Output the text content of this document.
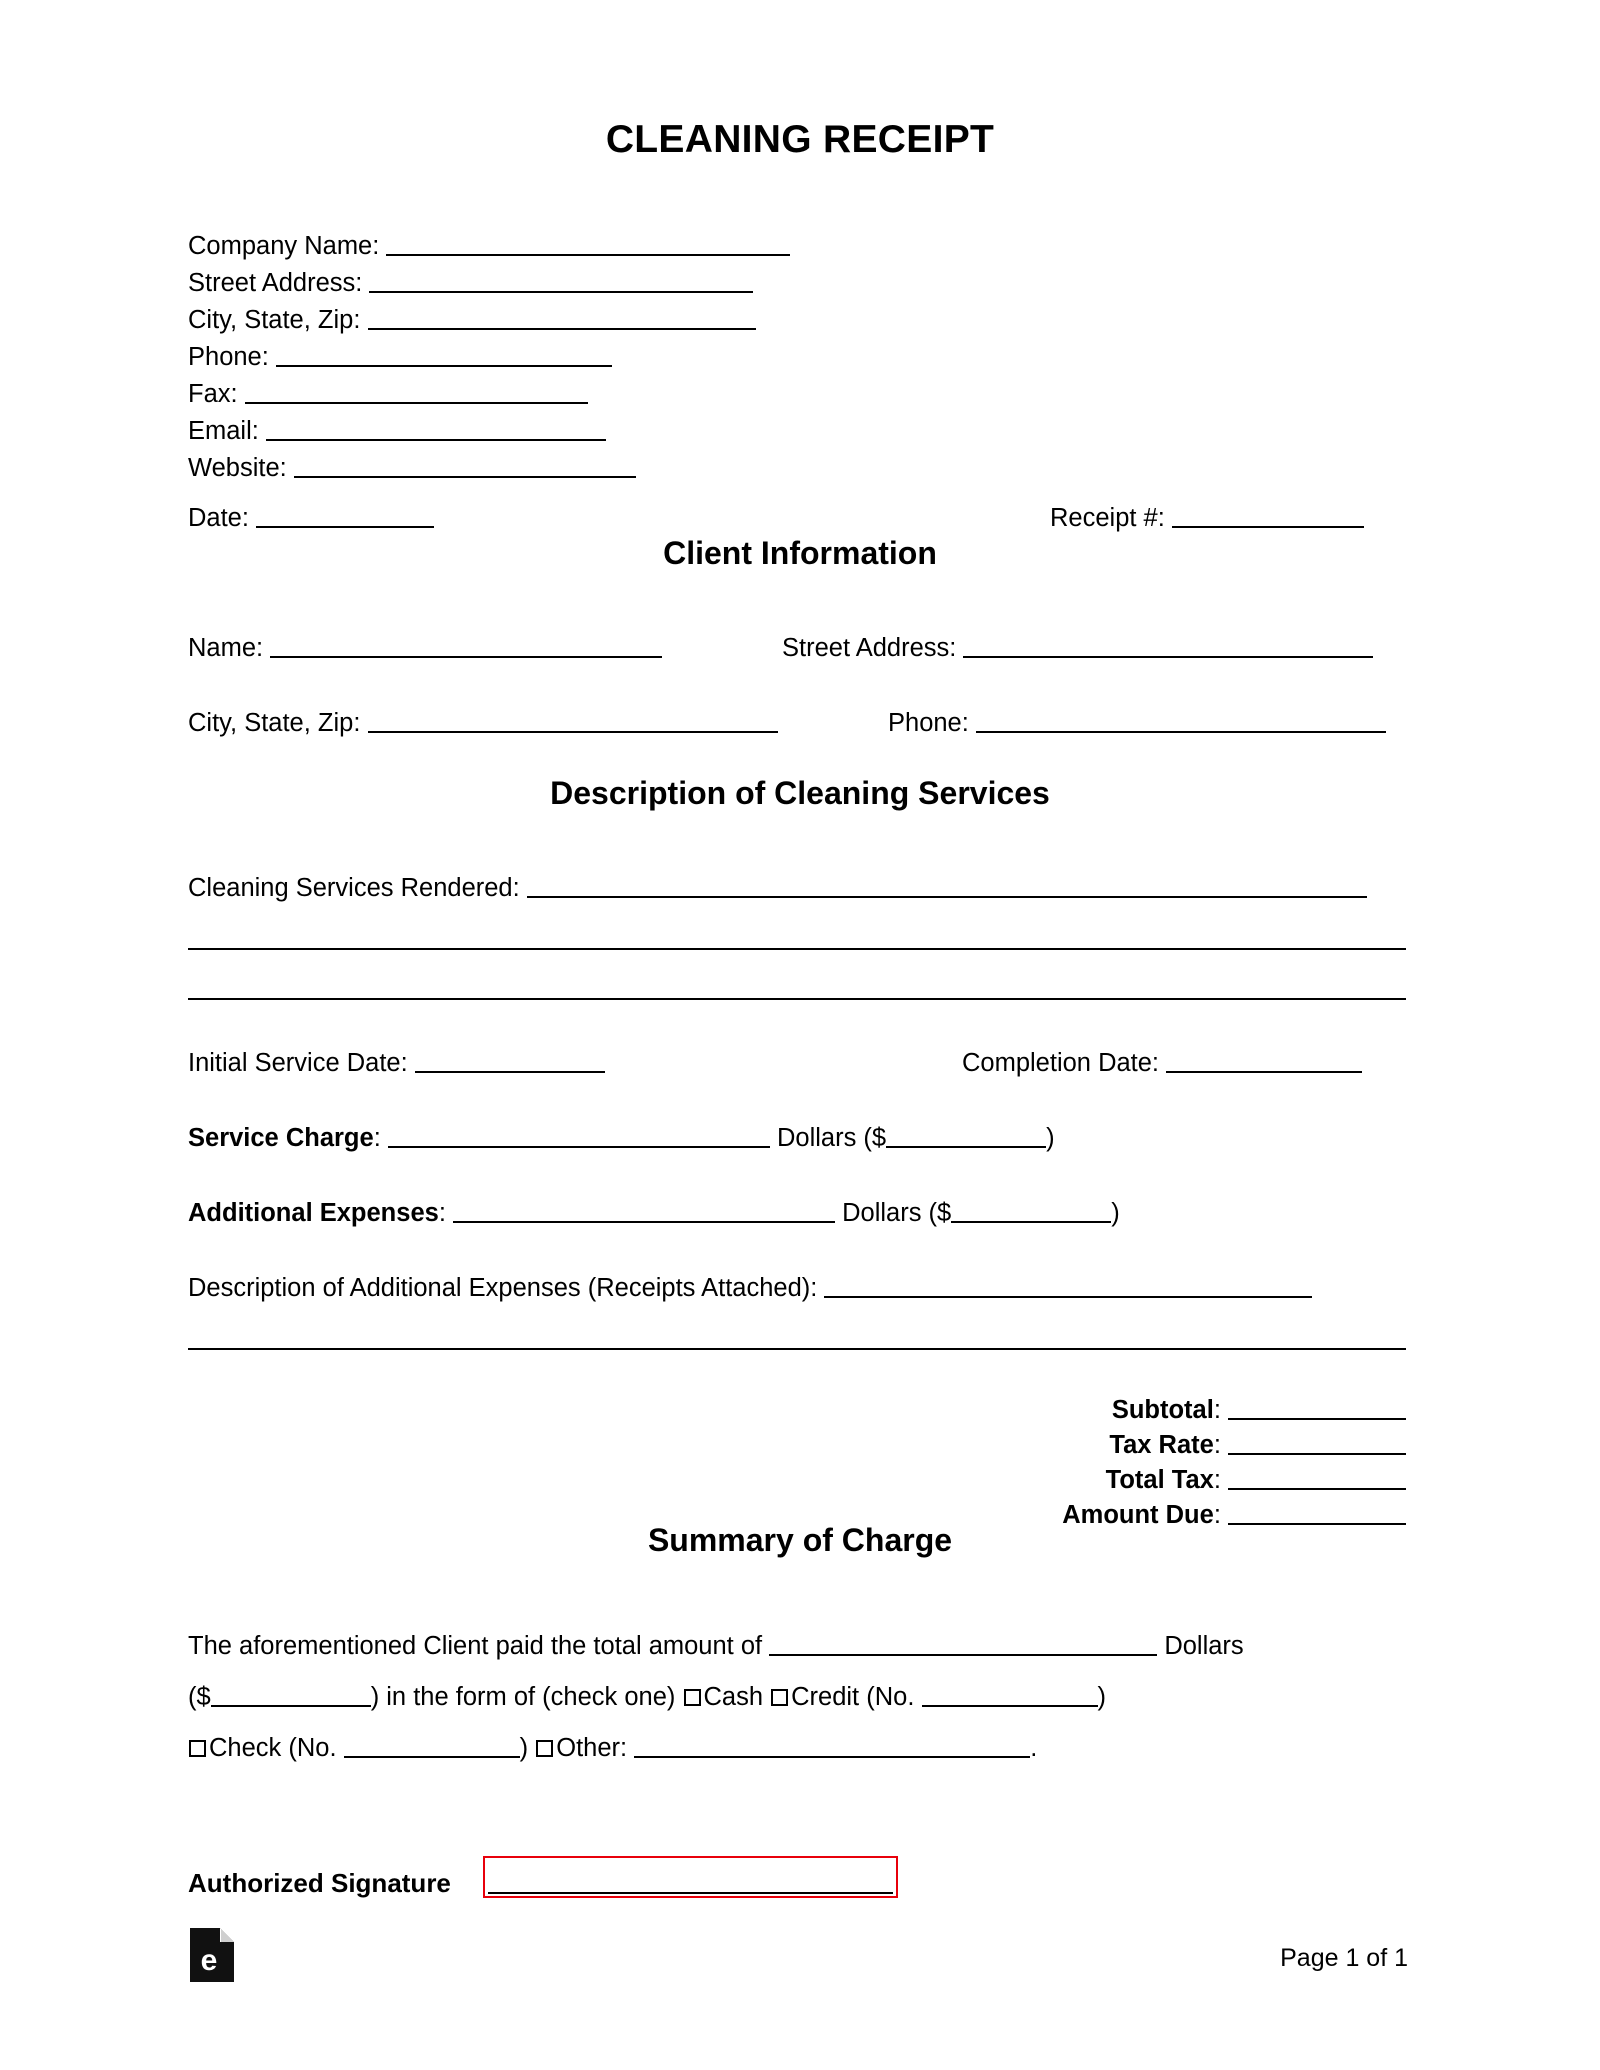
CLEANING RECEIPT
Company Name:
Street Address:
City, State, Zip:
Phone:
Fax:
Email:
Website:
Date:	Receipt #:
Client Information
Name:	Street Address:
City, State, Zip:	Phone:
Description of Cleaning Services
Cleaning Services Rendered:
Initial Service Date:	Completion Date:
Service Charge:	Dollars ($	)
Additional Expenses:	Dollars ($	)
Description of Additional Expenses (Receipts Attached):
Subtotal:
Tax Rate:
Total Tax:
Amount Due:
Summary of Charge
The aforementioned Client paid the total amount of	Dollars
($	) in the form of (check one) Cash Credit (No.	)
Check (No.	) Other:	.
Authorized Signature
e	Page 1 of 1
